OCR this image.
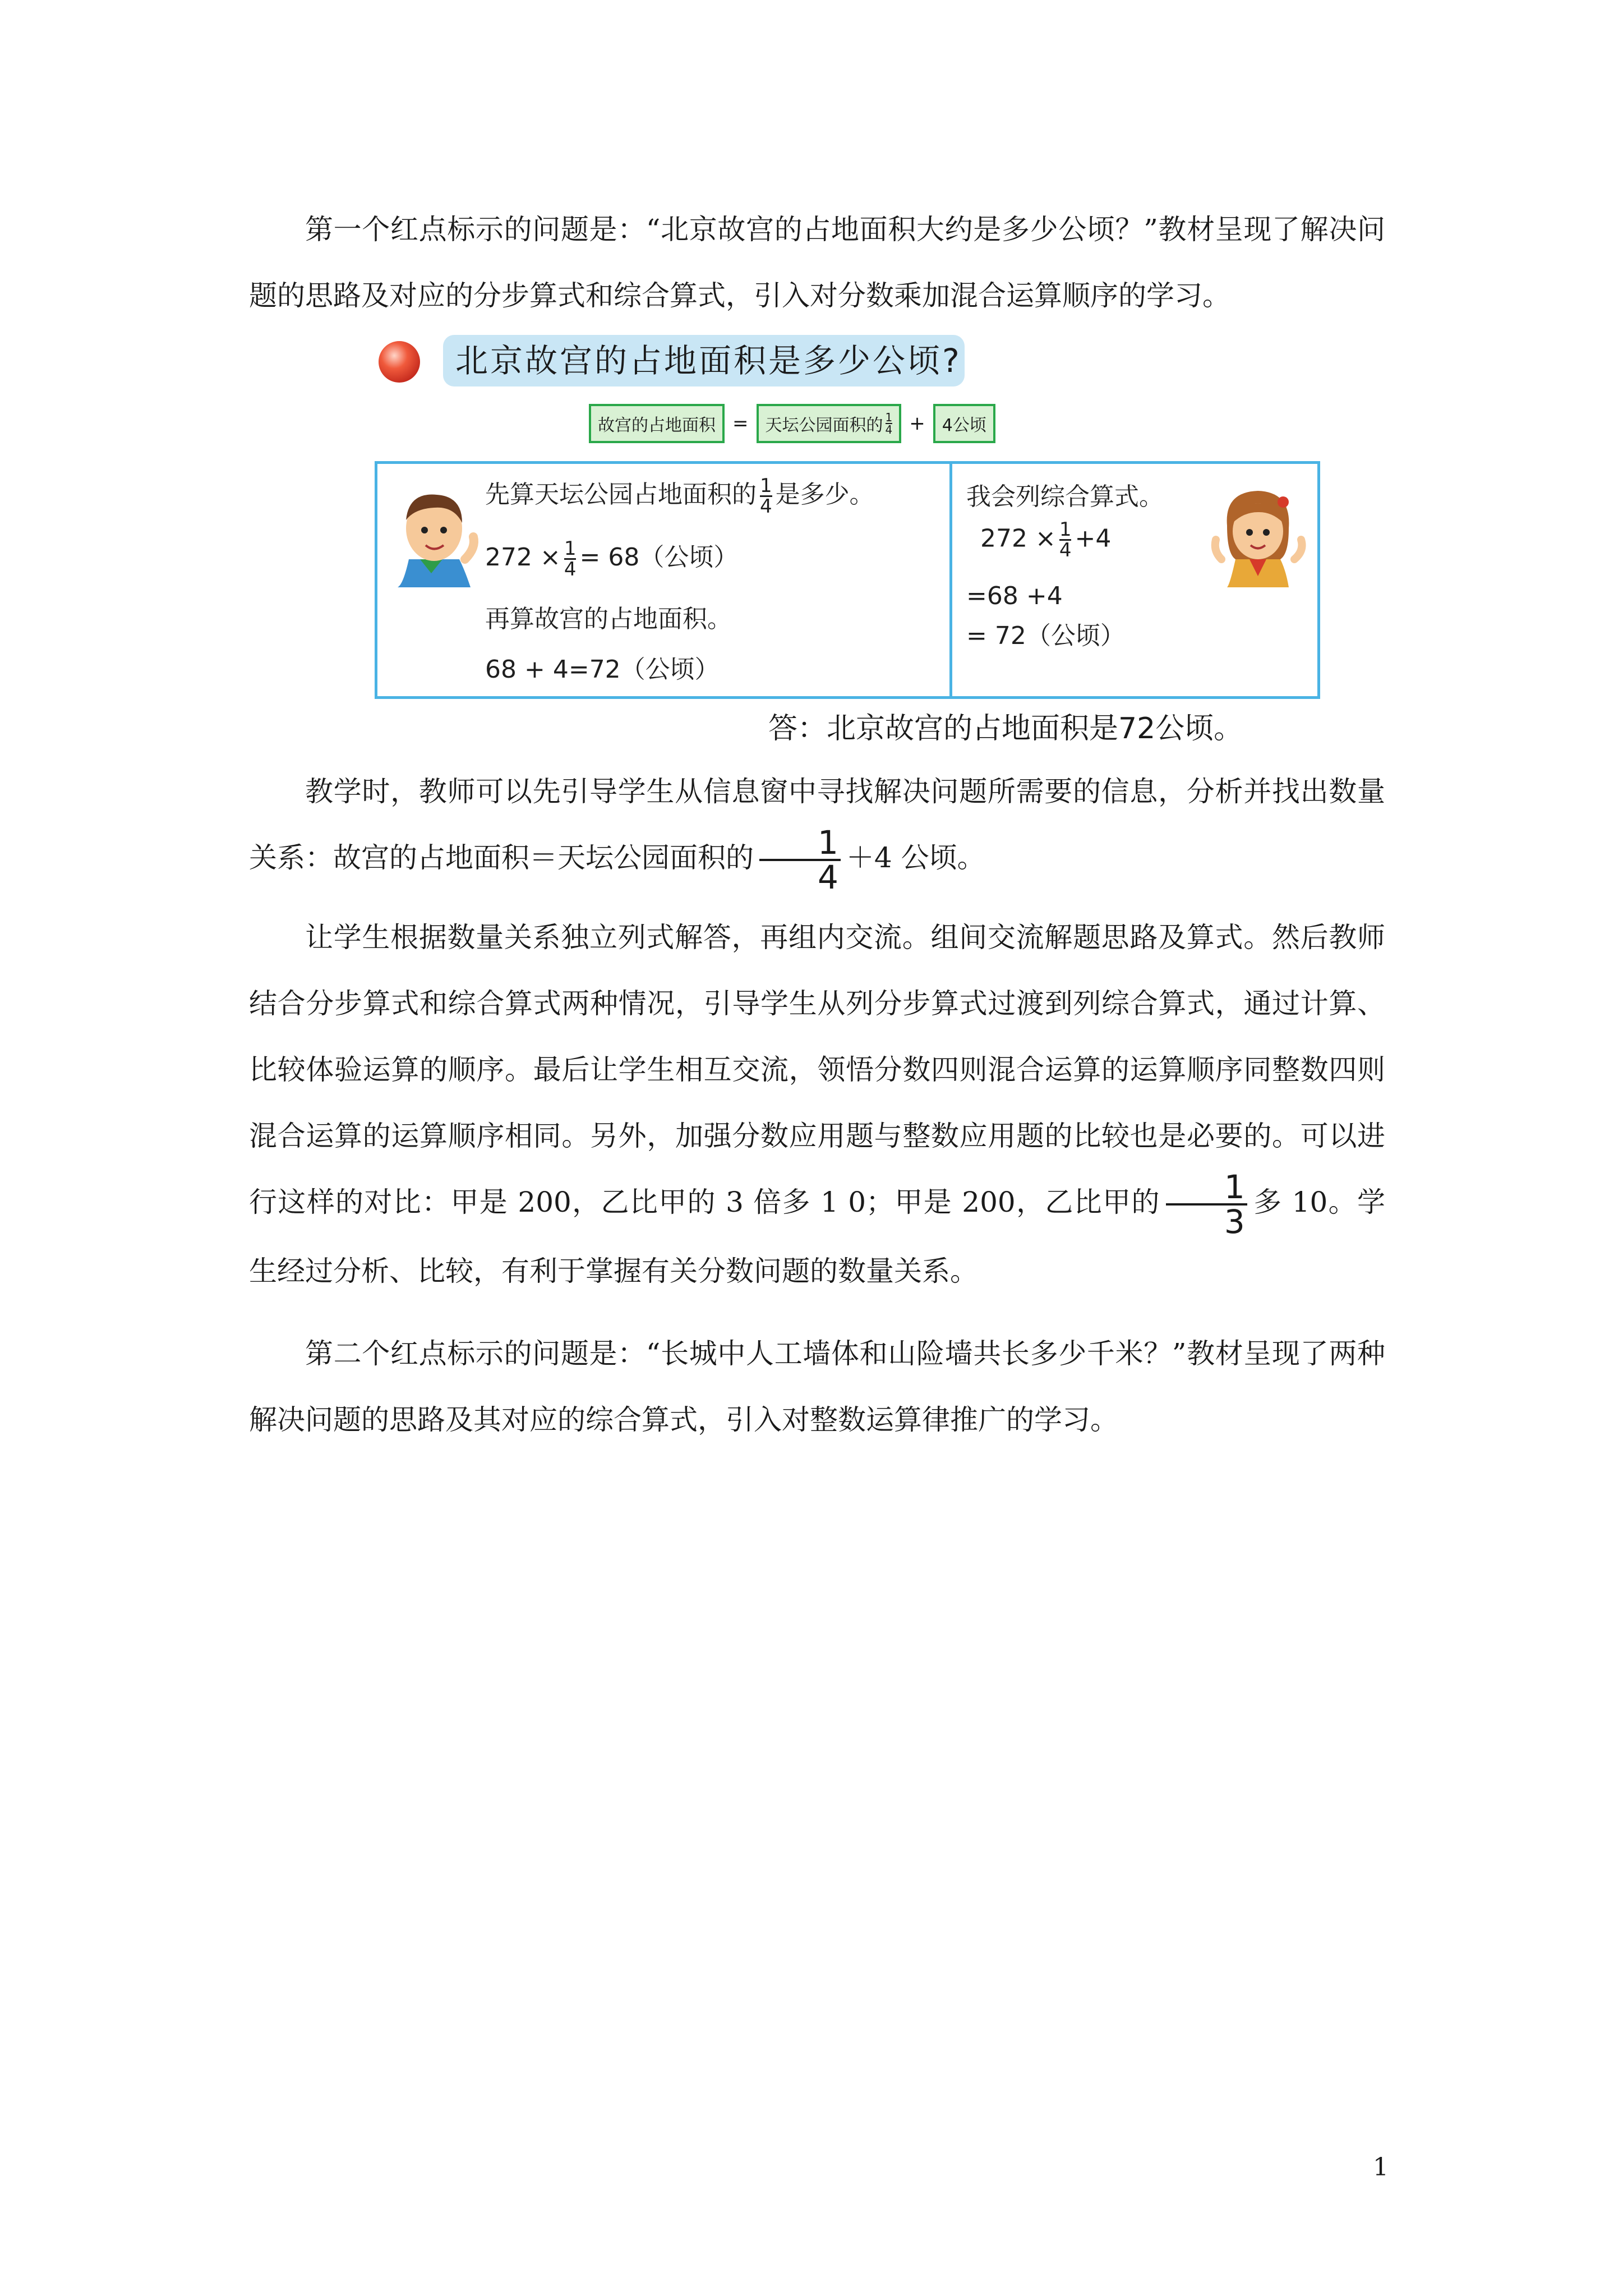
第一个红点标示的问题是：“北京故宫的占地面积大约是多少公顷？”教材呈现了解决问题的思路及对应的分步算式和综合算式，引入对分数乘加混合运算顺序的学习。

北京故宫的占地面积是多少公顷?
故宫的占地面积 = 天坛公园面积的 $\frac{1}{4} + 4$公顷
先算天坛公园占地面积的 $\frac{1}{4}$ 是多少。
$272 \times \frac{1}{4} = 68$（公顷）
再算故宫的占地面积。
68 + 4=72（公顷）
我会列综合算式。
$272 \times \frac{1}{4} +4$
=68 +4
= 72（公顷）
答：北京故宫的占地面积是72公顷。

教学时，教师可以先引导学生从信息窗中寻找解决问题所需要的信息，分析并找出数量关系：故宫的占地面积＝天坛公园面积的 $\frac{1}{4} +4$ 公顷。

让学生根据数量关系独立列式解答，再组内交流。组间交流解题思路及算式。然后教师结合分步算式和综合算式两种情况，引导学生从列分步算式过渡到列综合算式，通过计算、比较体验运算的顺序。最后让学生相互交流，领悟分数四则混合运算的运算顺序同整数四则混合运算的运算顺序相同。另外，加强分数应用题与整数应用题的比较也是必要的。可以进行这样的对比：甲是 200，乙比甲的 3 倍多 1 0；甲是 200，乙比甲的 $\frac{1}{3}$ 多 10。学生经过分析、比较，有利于掌握有关分数问题的数量关系。

第二个红点标示的问题是：“长城中人工墙体和山险墙共长多少千米？”教材呈现了两种解决问题的思路及其对应的综合算式，引入对整数运算律推广的学习。

1
